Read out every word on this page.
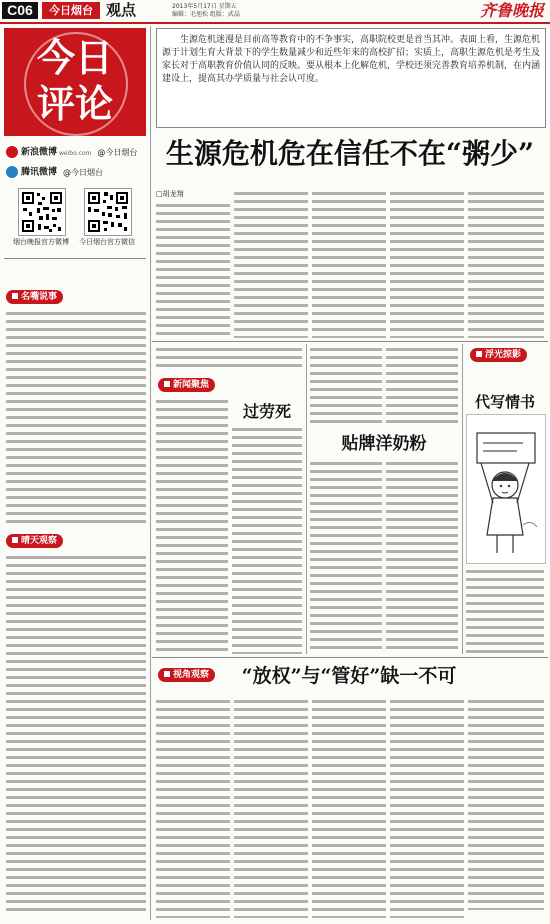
C06	今日烟台 观点	2013年5月17日 星期五
编辑：毛旭松 组版：武晶	齐鲁晚报
今日
评论
新浪微博 weibo.com @今日烟台
腾讯微博 @今日烟台
烟台晚报官方微博	今日烟台官方微信
名嘴说事
晴天观察
生源危机迷漫是目前高等教育中的不争事实，高职院校更是首当其冲。表面上看，生源危机源于计划生育大背景下的学生数量减少和近些年来的高校扩招；实质上，高职生源危机是考生及家长对于高职教育价值认同的反映。要从根本上化解危机，学校还须完善教育培养机制，在内涵建设上，提高其办学质量与社会认可度。
生源危机危在信任不在“粥少”
□胡龙翔
新闻聚焦
过劳死
贴牌洋奶粉
浮光掠影
代写情书
视角观察	“放权”与“管好”缺一不可
